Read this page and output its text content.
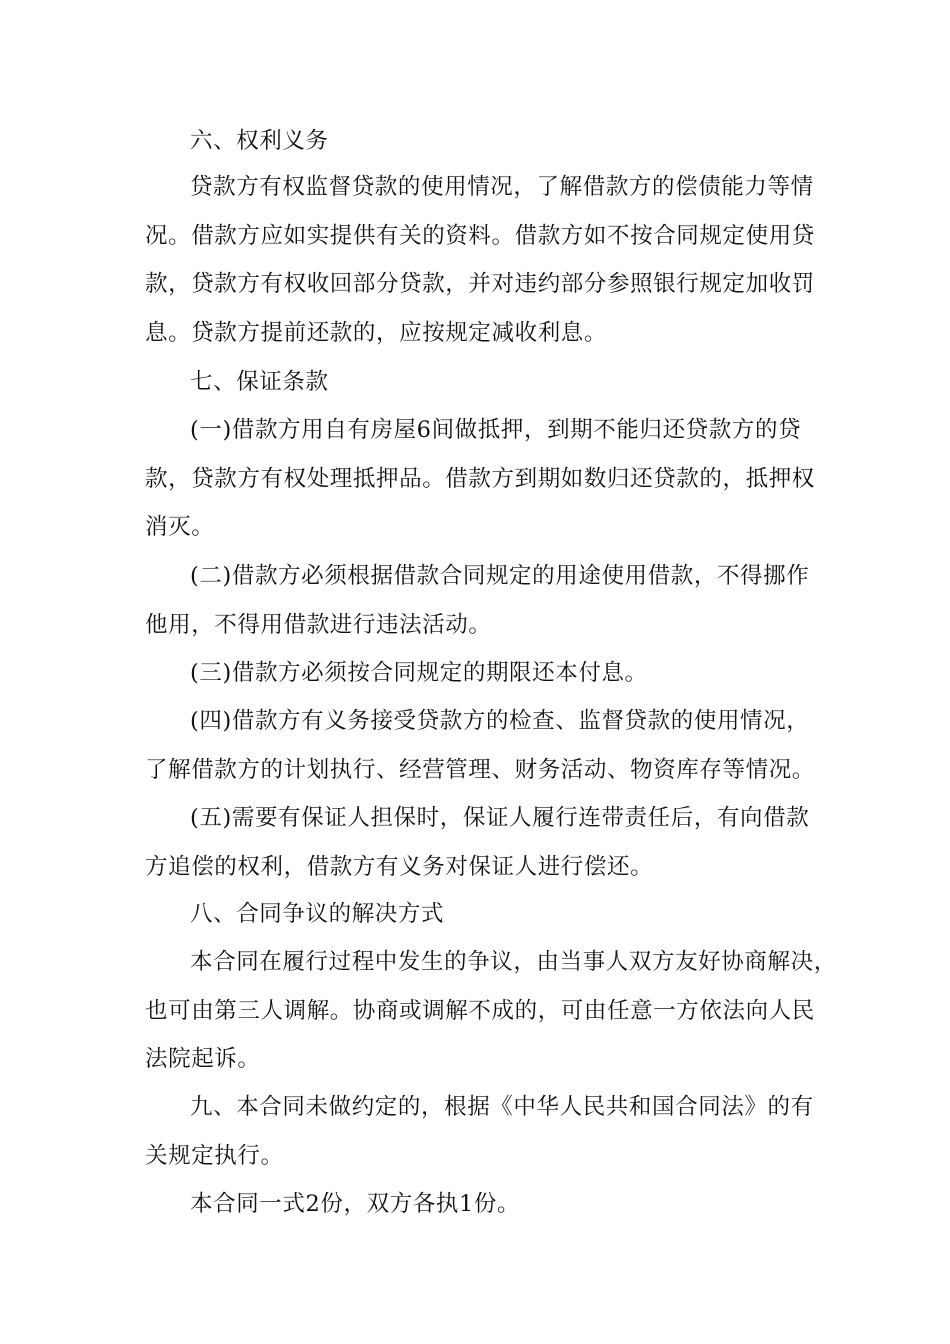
六、权利义务

贷款方有权监督贷款的使用情况，了解借款方的偿债能力等情
况。借款方应如实提供有关的资料。借款方如不按合同规定使用贷
款，贷款方有权收回部分贷款，并对违约部分参照银行规定加收罚
息。贷款方提前还款的，应按规定减收利息。

七、保证条款

(一)借款方用自有房屋6间做抵押，到期不能归还贷款方的贷
款，贷款方有权处理抵押品。借款方到期如数归还贷款的，抵押权
消灭。

(二)借款方必须根据借款合同规定的用途使用借款，不得挪作
他用，不得用借款进行违法活动。

(三)借款方必须按合同规定的期限还本付息。

(四)借款方有义务接受贷款方的检查、监督贷款的使用情况，
了解借款方的计划执行、经营管理、财务活动、物资库存等情况。

(五)需要有保证人担保时，保证人履行连带责任后，有向借款
方追偿的权利，借款方有义务对保证人进行偿还。

八、合同争议的解决方式

本合同在履行过程中发生的争议，由当事人双方友好协商解决，
也可由第三人调解。协商或调解不成的，可由任意一方依法向人民
法院起诉。

九、本合同未做约定的，根据《中华人民共和国合同法》的有
关规定执行。

本合同一式2份，双方各执1份。
